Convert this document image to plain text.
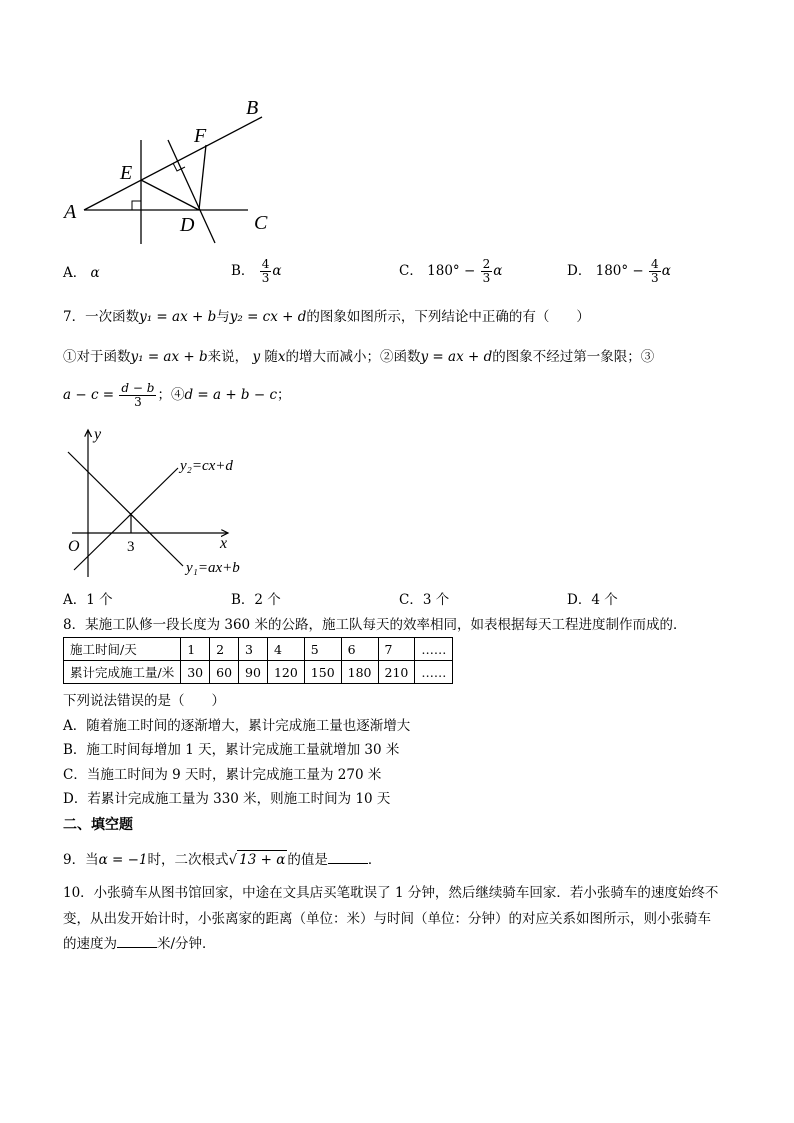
A
B
C
D
E
F
A． α	B． $\frac{4}{3}$ α	C． $180^\circ - \frac{2}{3}$ α	D． $180^\circ - \frac{4}{3}$ α
7．一次函数y₁ = ax + b与y₂ = cx + d的图象如图所示，下列结论中正确的有（　　）
①对于函数y₁ = ax + b来说， y 随x的增大而减小；②函数y = ax + d的图象不经过第一象限；③
$a - c = \frac{d - b}{3}$ ；④d = a + b − c；
y
x
O	3
y₂=cx+d
y₁=ax+b
A．1 个	B．2 个	C．3 个	D．4 个
8．某施工队修一段长度为 360 米的公路，施工队每天的效率相同，如表根据每天工程进度制作而成的．
施工时间/天	1	2	3	4	5	6	7	……
累计完成施工量/米	30	60	90	120	150	180	210	……
下列说法错误的是（　　）
A．随着施工时间的逐渐增大，累计完成施工量也逐渐增大
B．施工时间每增加 1 天，累计完成施工量就增加 30 米
C．当施工时间为 9 天时，累计完成施工量为 270 米
D．若累计完成施工量为 330 米，则施工时间为 10 天
二、填空题
9．当α = −1时，二次根式√ 13 + α 的值是	．
10．小张骑车从图书馆回家，中途在文具店买笔耽误了 1 分钟，然后继续骑车回家．若小张骑车的速度始终不
变，从出发开始计时，小张离家的距离（单位：米）与时间（单位：分钟）的对应关系如图所示，则小张骑车
的速度为	米/分钟．
